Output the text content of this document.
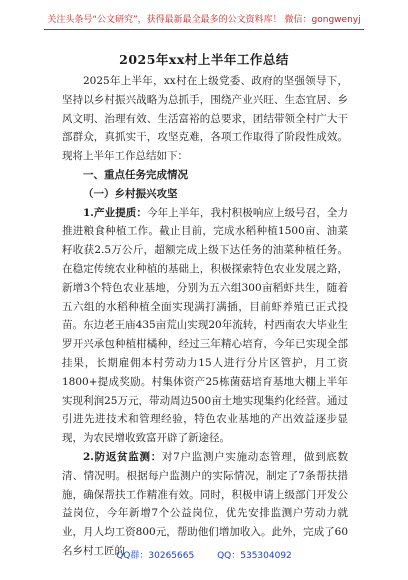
关注头条号“公文研究”，获得最新最全最多的公文资料库！ 微信：gongwenyj
2025年xx村上半年工作总结

2025年上半年，xx村在上级党委、政府的坚强领导下，坚持以乡村振兴战略为总抓手，围绕产业兴旺、生态宜居、乡风文明、治理有效、生活富裕的总要求，团结带领全村广大干部群众，真抓实干，攻坚克难，各项工作取得了阶段性成效。现将上半年工作总结如下：

一、重点任务完成情况

（一）乡村振兴攻坚

1.产业提质：今年上半年，我村积极响应上级号召，全力推进粮食种植工作。截止目前，完成水稻种植1500亩、油菜籽收获2.5万公斤，超额完成上级下达任务的油菜种植任务。在稳定传统农业种植的基础上，积极探索特色农业发展之路，新增3个特色农业基地，分别为五六组300亩稻虾共生，随着五六组的水稻种植全面实现满打满插，目前虾养殖已正式投苗。东边老王庙435亩荒山实现20年流转，村西南农大毕业生罗开兴承包种植柑橘种，经过三年精心培育，今年已实现全部挂果，长期雇佣本村劳动力15人进行分片区管护，月工资1800+提成奖励。村集体资产25栋菌菇培育基地大棚上半年实现利润25万元，带动周边500亩土地实现集约化经营。通过引进先进技术和管理经验，特色农业基地的产出效益逐步显现，为农民增收致富开辟了新途径。

2.防返贫监测：对7户监测户实施动态管理，做到底数清、情况明。根据每户监测户的实际情况，制定了7条帮扶措施，确保帮扶工作精准有效。同时，积极申请上级部门开发公益岗位，今年新增7个公益岗位，优先安排监测户劳动力就业，月人均工资800元，帮助他们增加收入。此外，完成了60名乡村工匠的

QQ群：30265665	QQ：535304092
